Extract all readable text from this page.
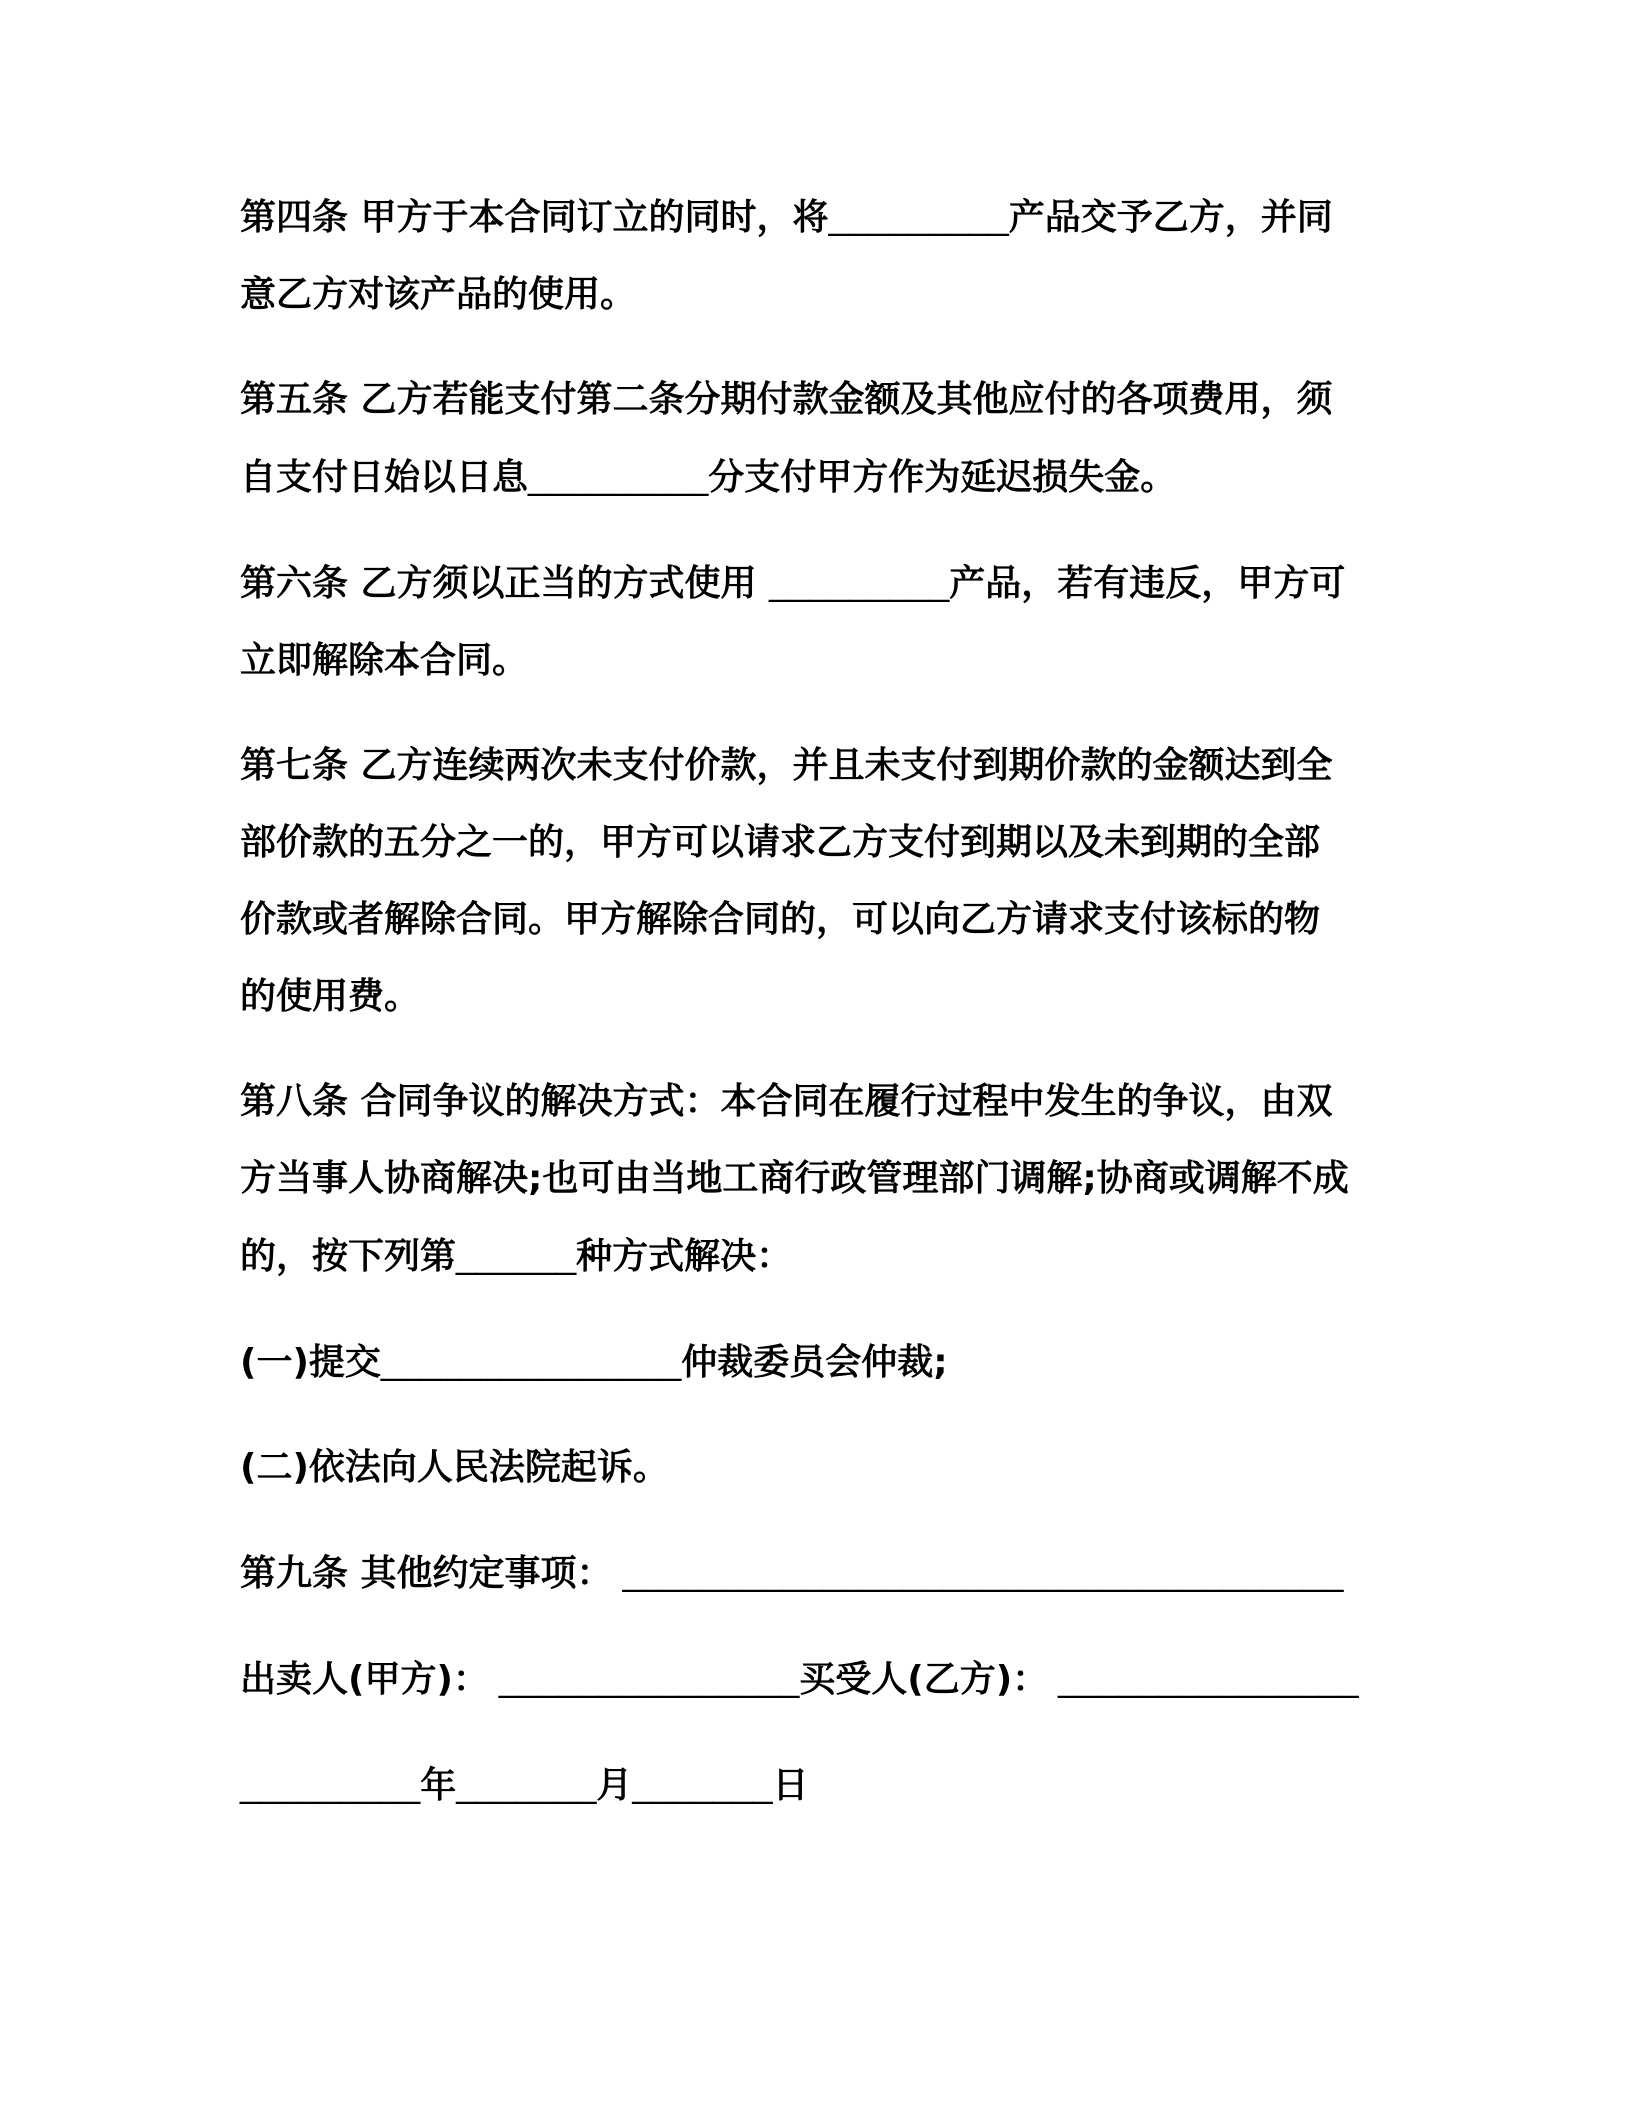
第四条 甲方于本合同订立的同时，将_________产品交予乙方，并同
意乙方对该产品的使用。

第五条 乙方若能支付第二条分期付款金额及其他应付的各项费用，须
自支付日始以日息_________分支付甲方作为延迟损失金。

第六条 乙方须以正当的方式使用 _________产品，若有违反，甲方可
立即解除本合同。

第七条 乙方连续两次未支付价款，并且未支付到期价款的金额达到全
部价款的五分之一的，甲方可以请求乙方支付到期以及未到期的全部
价款或者解除合同。甲方解除合同的，可以向乙方请求支付该标的物
的使用费。

第八条 合同争议的解决方式：本合同在履行过程中发生的争议，由双
方当事人协商解决;也可由当地工商行政管理部门调解;协商或调解不成
的，按下列第______种方式解决：

(一)提交_______________仲裁委员会仲裁;

(二)依法向人民法院起诉。

第九条 其他约定事项： ____________________________________

出卖人(甲方)： _______________买受人(乙方)： _______________

_________年_______月_______日
